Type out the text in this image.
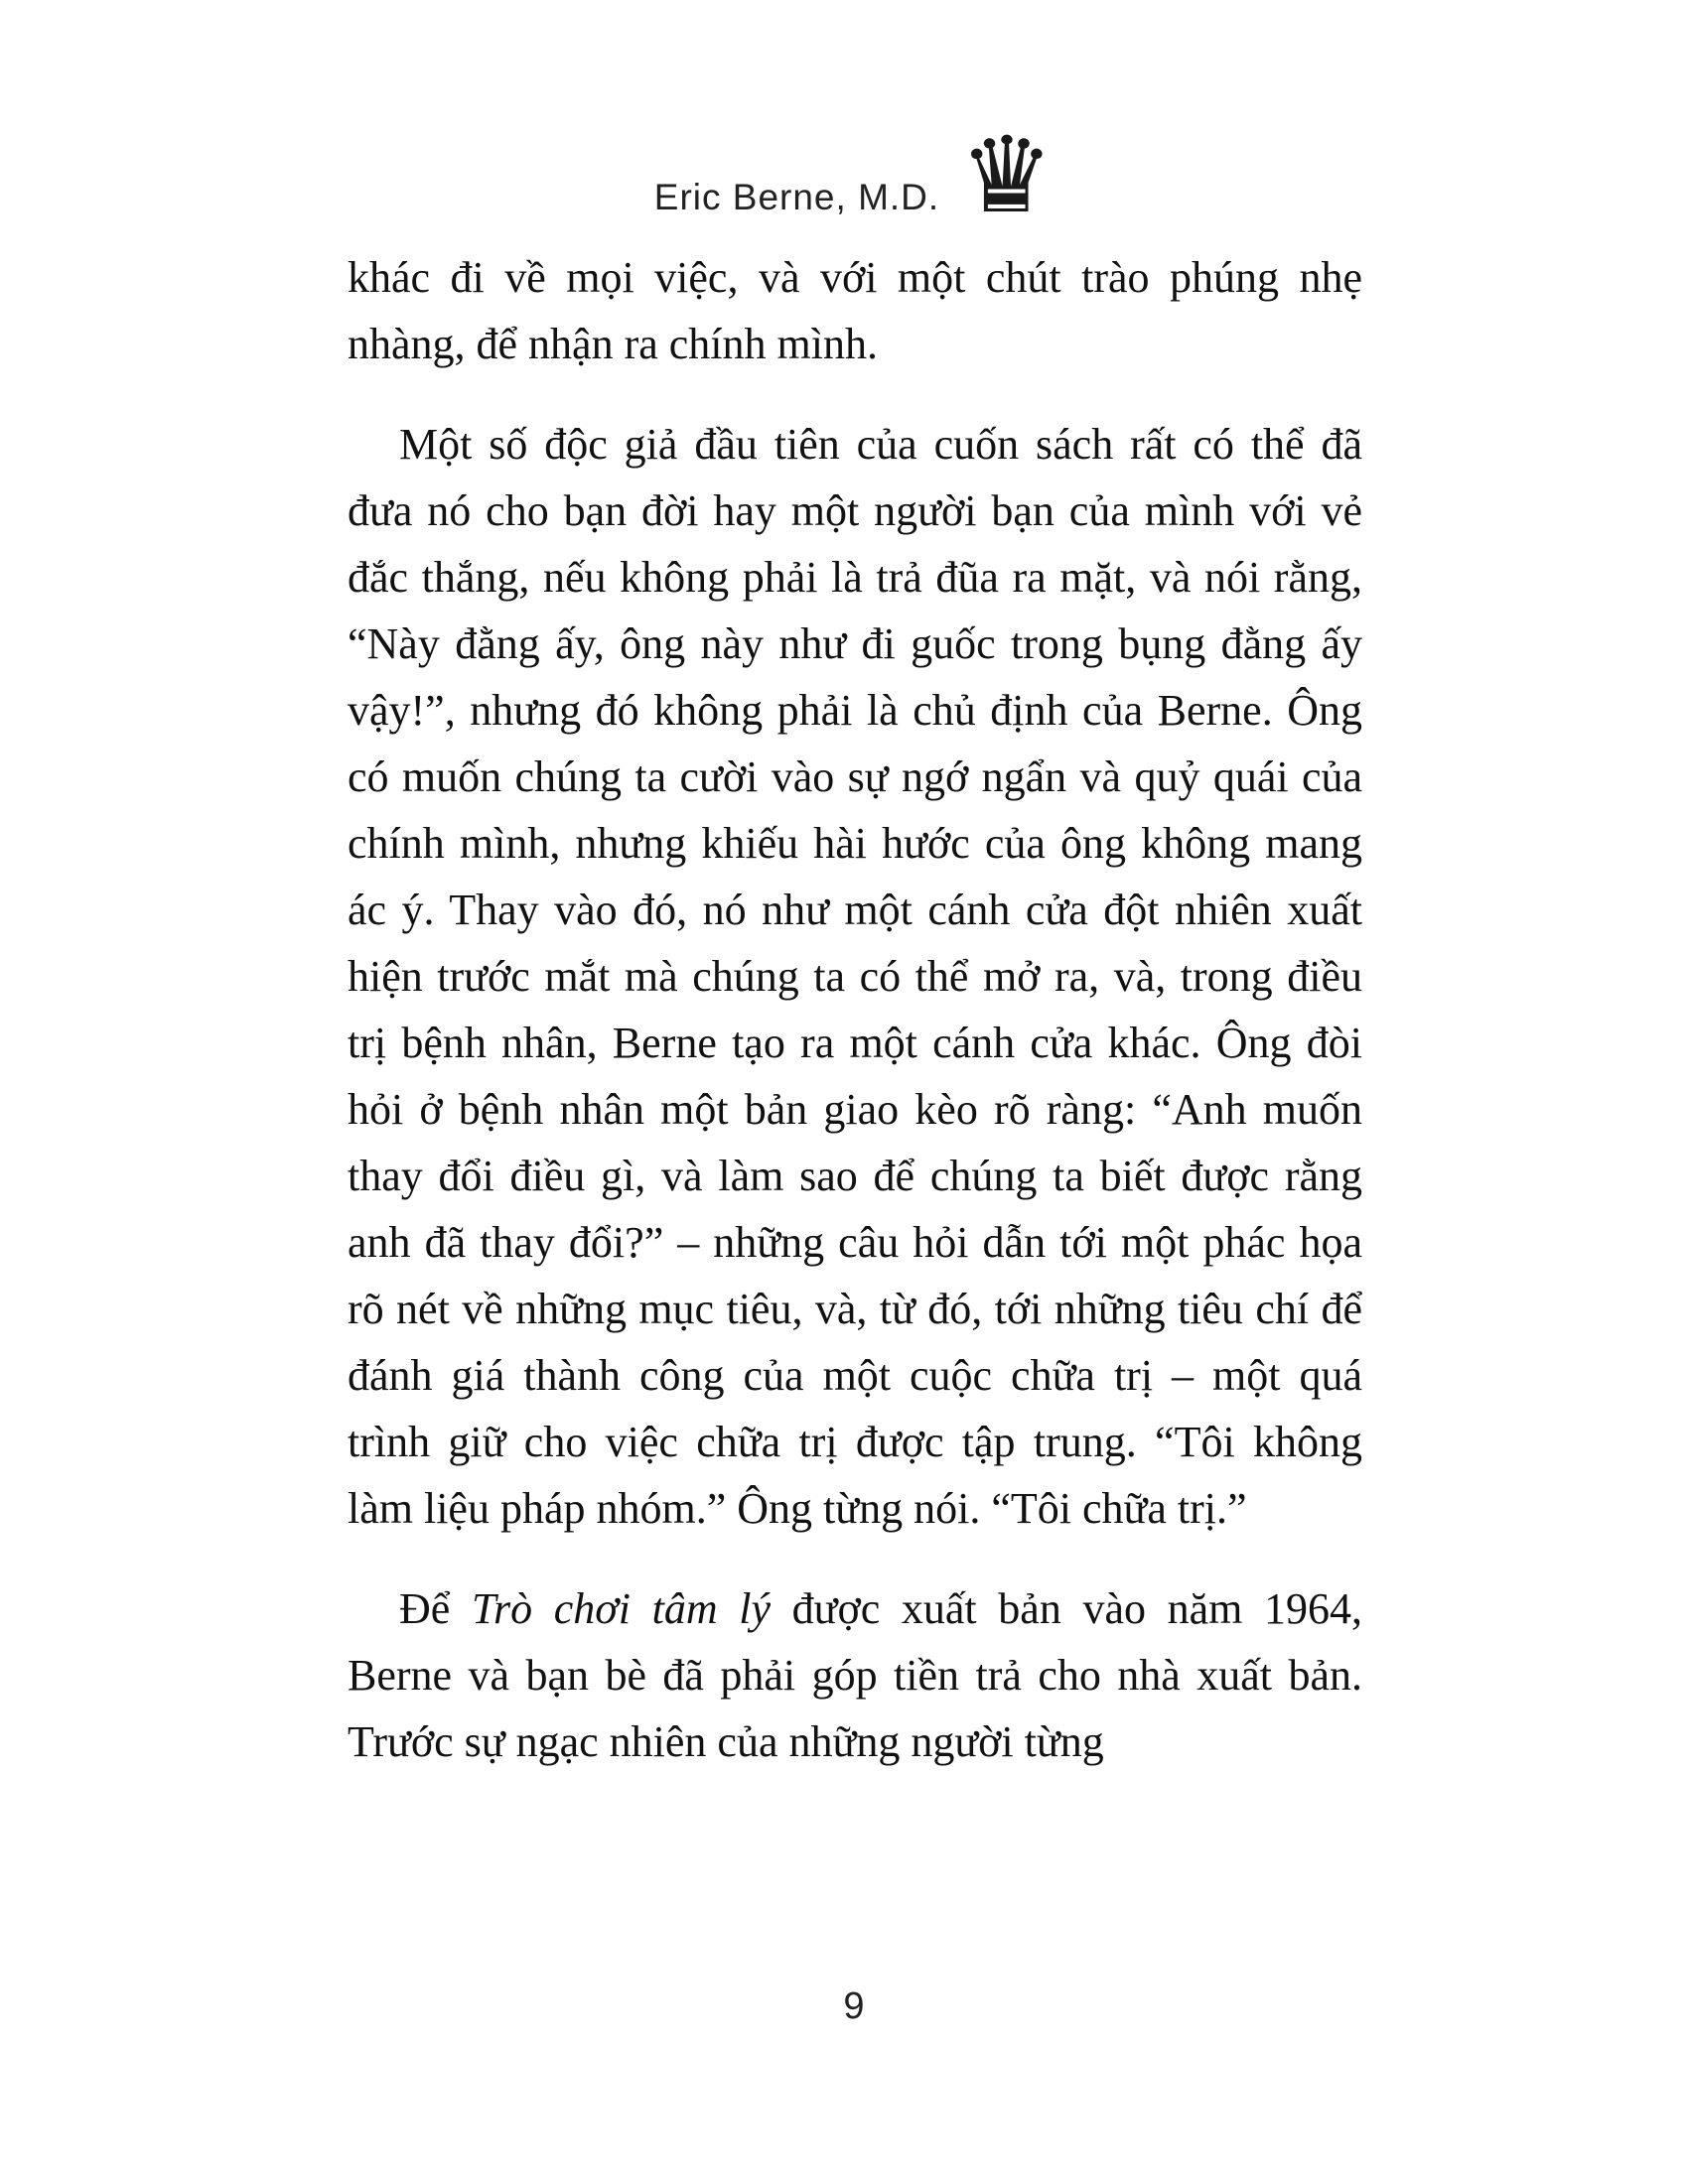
Eric Berne, M.D. ♛

khác đi về mọi việc, và với một chút trào phúng nhẹ nhàng, để nhận ra chính mình.

Một số độc giả đầu tiên của cuốn sách rất có thể đã đưa nó cho bạn đời hay một người bạn của mình với vẻ đắc thắng, nếu không phải là trả đũa ra mặt, và nói rằng, “Này đằng ấy, ông này như đi guốc trong bụng đằng ấy vậy!”, nhưng đó không phải là chủ định của Berne. Ông có muốn chúng ta cười vào sự ngớ ngẩn và quỷ quái của chính mình, nhưng khiếu hài hước của ông không mang ác ý. Thay vào đó, nó như một cánh cửa đột nhiên xuất hiện trước mắt mà chúng ta có thể mở ra, và, trong điều trị bệnh nhân, Berne tạo ra một cánh cửa khác. Ông đòi hỏi ở bệnh nhân một bản giao kèo rõ ràng: “Anh muốn thay đổi điều gì, và làm sao để chúng ta biết được rằng anh đã thay đổi?” – những câu hỏi dẫn tới một phác họa rõ nét về những mục tiêu, và, từ đó, tới những tiêu chí để đánh giá thành công của một cuộc chữa trị – một quá trình giữ cho việc chữa trị được tập trung. “Tôi không làm liệu pháp nhóm.” Ông từng nói. “Tôi chữa trị.”

Để Trò chơi tâm lý được xuất bản vào năm 1964, Berne và bạn bè đã phải góp tiền trả cho nhà xuất bản. Trước sự ngạc nhiên của những người từng

9
